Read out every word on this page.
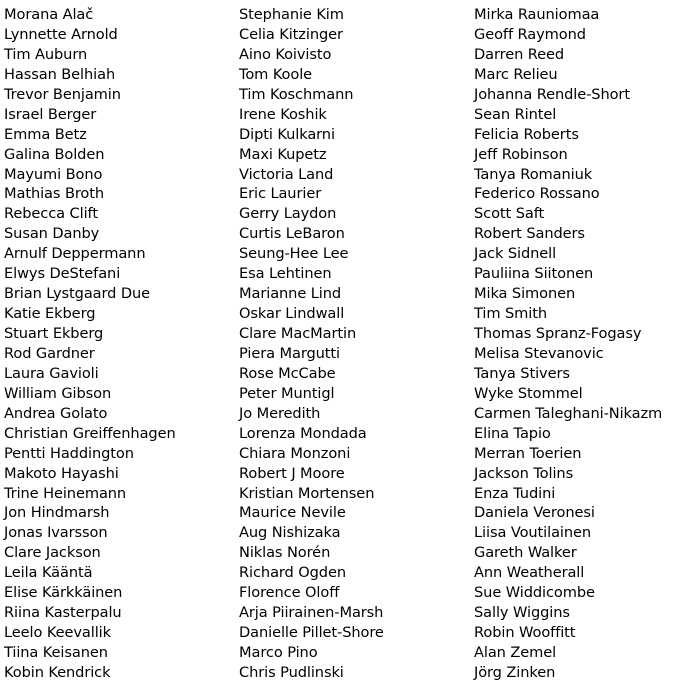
Morana Alač
Lynnette Arnold
Tim Auburn
Hassan Belhiah
Trevor Benjamin
Israel Berger
Emma Betz
Galina Bolden
Mayumi Bono
Mathias Broth
Rebecca Clift
Susan Danby
Arnulf Deppermann
Elwys DeStefani
Brian Lystgaard Due
Katie Ekberg
Stuart Ekberg
Rod Gardner
Laura Gavioli
William Gibson
Andrea Golato
Christian Greiffenhagen
Pentti Haddington
Makoto Hayashi
Trine Heinemann
Jon Hindmarsh
Jonas Ivarsson
Clare Jackson
Leila Kääntä
Elise Kärkkäinen
Riina Kasterpalu
Leelo Keevallik
Tiina Keisanen
Kobin Kendrick
Stephanie Kim
Celia Kitzinger
Aino Koivisto
Tom Koole
Tim Koschmann
Irene Koshik
Dipti Kulkarni
Maxi Kupetz
Victoria Land
Eric Laurier
Gerry Laydon
Curtis LeBaron
Seung-Hee Lee
Esa Lehtinen
Marianne Lind
Oskar Lindwall
Clare MacMartin
Piera Margutti
Rose McCabe
Peter Muntigl
Jo Meredith
Lorenza Mondada
Chiara Monzoni
Robert J Moore
Kristian Mortensen
Maurice Nevile
Aug Nishizaka
Niklas Norén
Richard Ogden
Florence Oloff
Arja Piirainen-Marsh
Danielle Pillet-Shore
Marco Pino
Chris Pudlinski
Mirka Rauniomaa
Geoff Raymond
Darren Reed
Marc Relieu
Johanna Rendle-Short
Sean Rintel
Felicia Roberts
Jeff Robinson
Tanya Romaniuk
Federico Rossano
Scott Saft
Robert Sanders
Jack Sidnell
Pauliina Siitonen
Mika Simonen
Tim Smith
Thomas Spranz-Fogasy
Melisa Stevanovic
Tanya Stivers
Wyke Stommel
Carmen Taleghani-Nikazm
Elina Tapio
Merran Toerien
Jackson Tolins
Enza Tudini
Daniela Veronesi
Liisa Voutilainen
Gareth Walker
Ann Weatherall
Sue Widdicombe
Sally Wiggins
Robin Wooffitt
Alan Zemel
Jörg Zinken
